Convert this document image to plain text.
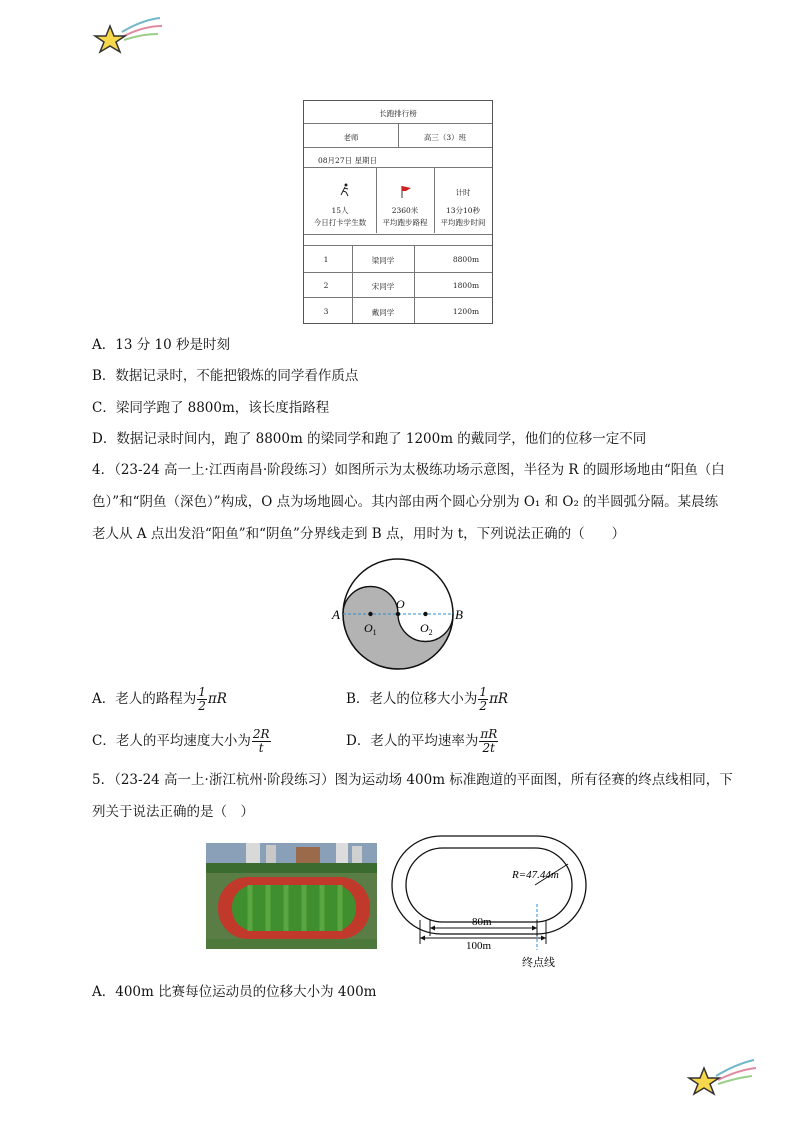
长跑排行榜
老师	高三（3）班
08月27日 星期日
15人
今日打卡学生数
2360米
平均跑步路程
计时
13分10秒
平均跑步时间
1	梁同学	8800m
2	宋同学	1800m
3	戴同学	1200m
A．13 分 10 秒是时刻
B．数据记录时，不能把锻炼的同学看作质点
C．梁同学跑了 8800m，该长度指路程
D．数据记录时间内，跑了 8800m 的梁同学和跑了 1200m 的戴同学，他们的位移一定不同
4．（23-24 高一上·江西南昌·阶段练习）如图所示为太极练功场示意图，半径为 R 的圆形场地由“阳鱼（白
色）”和“阴鱼（深色）”构成，O 点为场地圆心。其内部由两个圆心分别为 O₁ 和 O₂ 的半圆弧分隔。某晨练
老人从 A 点出发沿“阳鱼”和“阴鱼”分界线走到 B 点，用时为 t，下列说法正确的（　　）
A	B
O
$O_1$	$O_2$
A．老人的路程为 $\frac{1}{2}$ πR	B．老人的位移大小为 $\frac{1}{2}$ πR
C．老人的平均速度大小为 $\frac{2R}{t}$	D．老人的平均速率为 $\frac{\pi R}{2t}$
5．（23-24 高一上·浙江杭州·阶段练习）图为运动场 400m 标准跑道的平面图，所有径赛的终点线相同，下
列关于说法正确的是（　）
R=47.44m
80m
100m
终点线
A．400m 比赛每位运动员的位移大小为 400m
